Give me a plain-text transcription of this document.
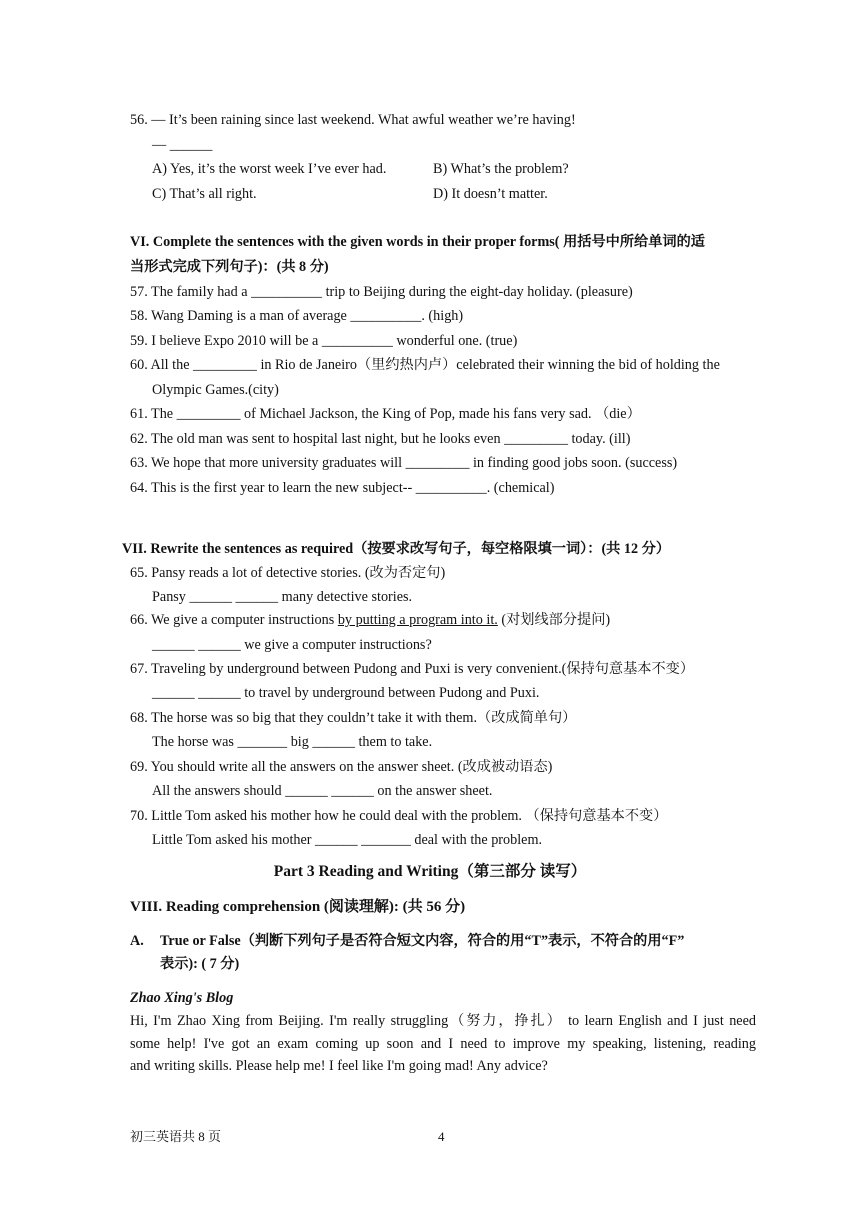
56. — It’s been raining since last weekend. What awful weather we’re having!
— ______
A) Yes, it’s the worst week I’ve ever had.	B) What’s the problem?
C) That’s all right.	D) It doesn’t matter.
VI. Complete the sentences with the given words in their proper forms( 用括号中所给单词的适
当形式完成下列句子)：(共 8 分)
57. The family had a __________ trip to Beijing during the eight-day holiday. (pleasure)
58. Wang Daming is a man of average __________. (high)
59. I believe Expo 2010 will be a __________ wonderful one. (true)
60. All the _________ in Rio de Janeiro（里约热内卢）celebrated their winning the bid of holding the
Olympic Games.(city)
61. The _________ of Michael Jackson, the King of Pop, made his fans very sad. （die）
62. The old man was sent to hospital last night, but he looks even _________ today. (ill)
63. We hope that more university graduates will _________ in finding good jobs soon. (success)
64. This is the first year to learn the new subject-- __________. (chemical)
VII. Rewrite the sentences as required（按要求改写句子，每空格限填一词）：(共 12 分）
65. Pansy reads a lot of detective stories. (改为否定句)
Pansy ______ ______ many detective stories.
66. We give a computer instructions by putting a program into it. (对划线部分提问)
______ ______ we give a computer instructions?
67. Traveling by underground between Pudong and Puxi is very convenient.(保持句意基本不变）
______ ______ to travel by underground between Pudong and Puxi.
68. The horse was so big that they couldn’t take it with them.（改成简单句）
The horse was _______ big ______ them to take.
69. You should write all the answers on the answer sheet. (改成被动语态)
All the answers should ______ ______ on the answer sheet.
70. Little Tom asked his mother how he could deal with the problem. （保持句意基本不变）
Little Tom asked his mother ______ _______ deal with the problem.
Part 3 Reading and Writing（第三部分 读写）
VIII. Reading comprehension (阅读理解): (共 56 分)
A. True or False（判断下列句子是否符合短文内容，符合的用“T”表示，不符合的用“F”
表示): ( 7 分)
Zhao Xing's Blog
Hi, I'm Zhao Xing from Beijing. I'm really struggling（努力，挣扎） to learn English and I just need
some help! I've got an exam coming up soon and I need to improve my speaking, listening, reading
and writing skills. Please help me! I feel like I'm going mad! Any advice?
初三英语共 8 页	4
